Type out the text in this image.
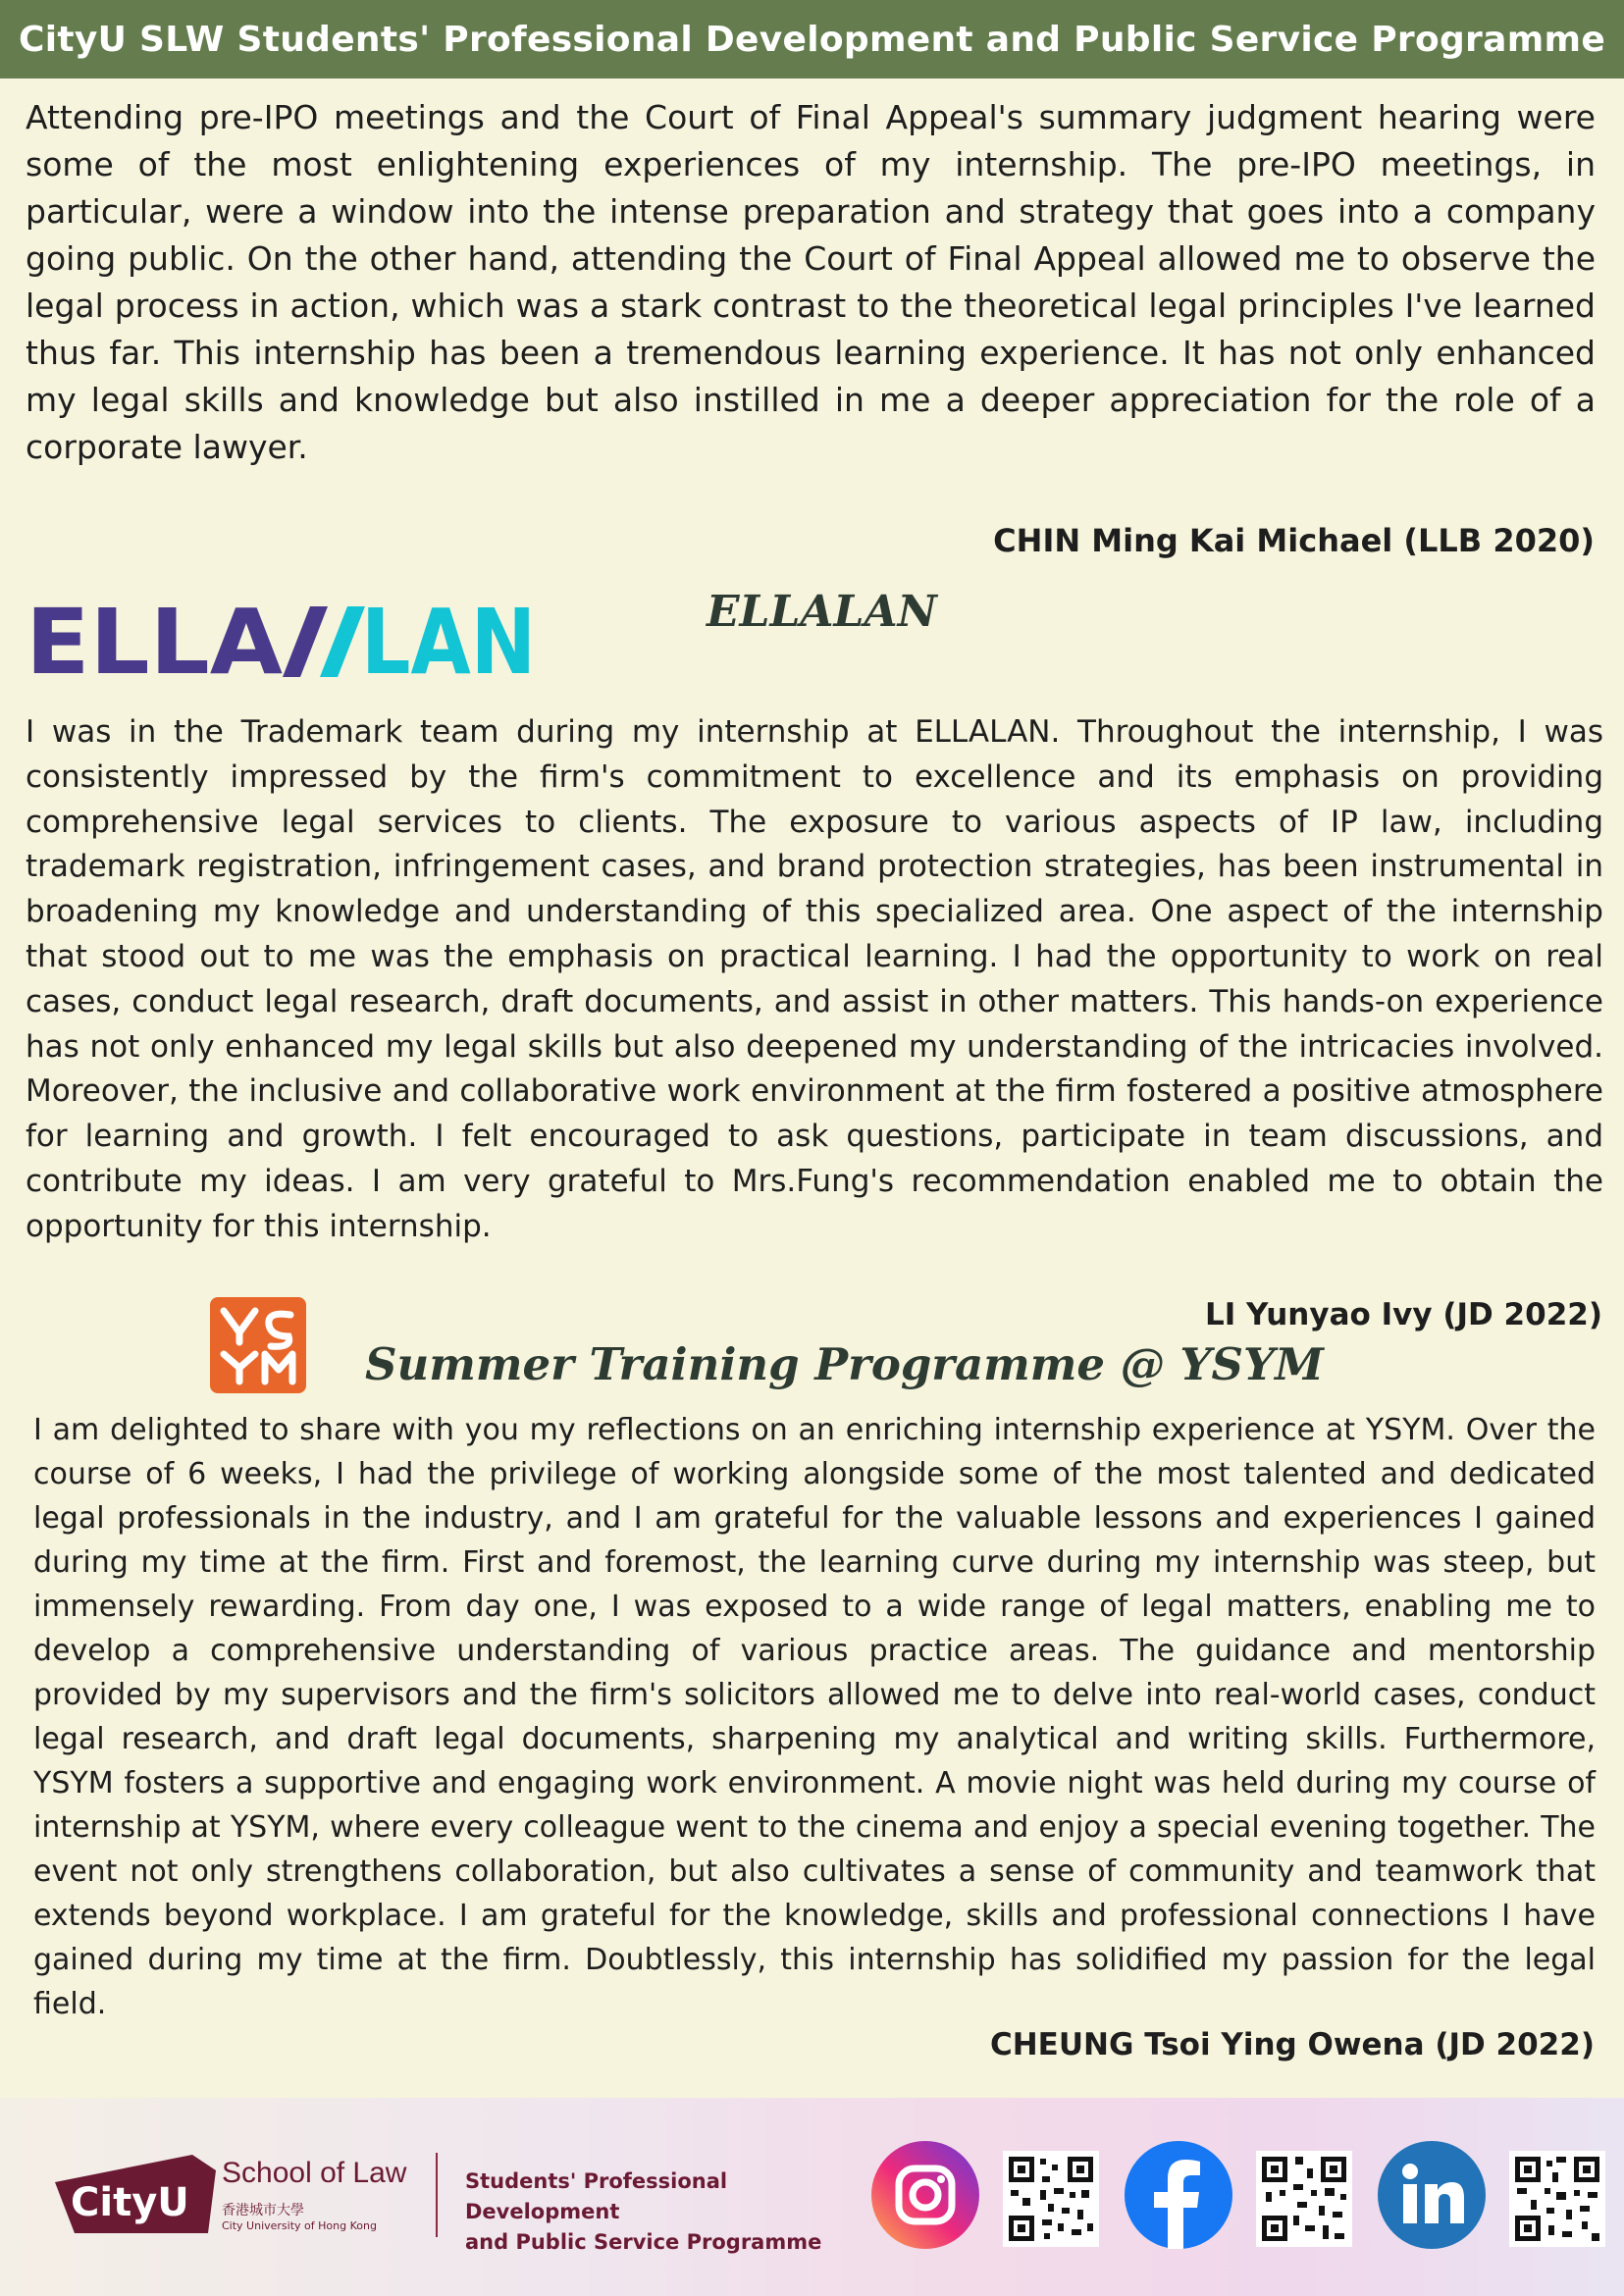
CityU SLW Students' Professional Development and Public Service Programme

Attending pre-IPO meetings and the Court of Final Appeal's summary judgment hearing were some of the most enlightening experiences of my internship. The pre-IPO meetings, in particular, were a window into the intense preparation and strategy that goes into a company going public. On the other hand, attending the Court of Final Appeal allowed me to observe the legal process in action, which was a stark contrast to the theoretical legal principles I've learned thus far. This internship has been a tremendous learning experience. It has not only enhanced my legal skills and knowledge but also instilled in me a deeper appreciation for the role of a corporate lawyer.

CHIN Ming Kai Michael (LLB 2020)
ELLA LAN	ELLALAN

I was in the Trademark team during my internship at ELLALAN. Throughout the internship, I was consistently impressed by the firm's commitment to excellence and its emphasis on providing comprehensive legal services to clients. The exposure to various aspects of IP law, including trademark registration, infringement cases, and brand protection strategies, has been instrumental in broadening my knowledge and understanding of this specialized area. One aspect of the internship that stood out to me was the emphasis on practical learning. I had the opportunity to work on real cases, conduct legal research, draft documents, and assist in other matters. This hands-on experience has not only enhanced my legal skills but also deepened my understanding of the intricacies involved. Moreover, the inclusive and collaborative work environment at the firm fostered a positive atmosphere for learning and growth. I felt encouraged to ask questions, participate in team discussions, and contribute my ideas. I am very grateful to Mrs.Fung's recommendation enabled me to obtain the opportunity for this internship.

LI Yunyao Ivy (JD 2022)
Summer Training Programme @ YSYM

I am delighted to share with you my reflections on an enriching internship experience at YSYM. Over the course of 6 weeks, I had the privilege of working alongside some of the most talented and dedicated legal professionals in the industry, and I am grateful for the valuable lessons and experiences I gained during my time at the firm. First and foremost, the learning curve during my internship was steep, but immensely rewarding. From day one, I was exposed to a wide range of legal matters, enabling me to develop a comprehensive understanding of various practice areas. The guidance and mentorship provided by my supervisors and the firm's solicitors allowed me to delve into real-world cases, conduct legal research, and draft legal documents, sharpening my analytical and writing skills. Furthermore, YSYM fosters a supportive and engaging work environment. A movie night was held during my course of internship at YSYM, where every colleague went to the cinema and enjoy a special evening together. The event not only strengthens collaboration, but also cultivates a sense of community and teamwork that extends beyond workplace. I am grateful for the knowledge, skills and professional connections I have gained during my time at the firm. Doubtlessly, this internship has solidified my passion for the legal field.

CHEUNG Tsoi Ying Owena (JD 2022)
CityU
School of Law
香港城市大學
City University of Hong Kong
Students' Professional Development
and Public Service Programme
